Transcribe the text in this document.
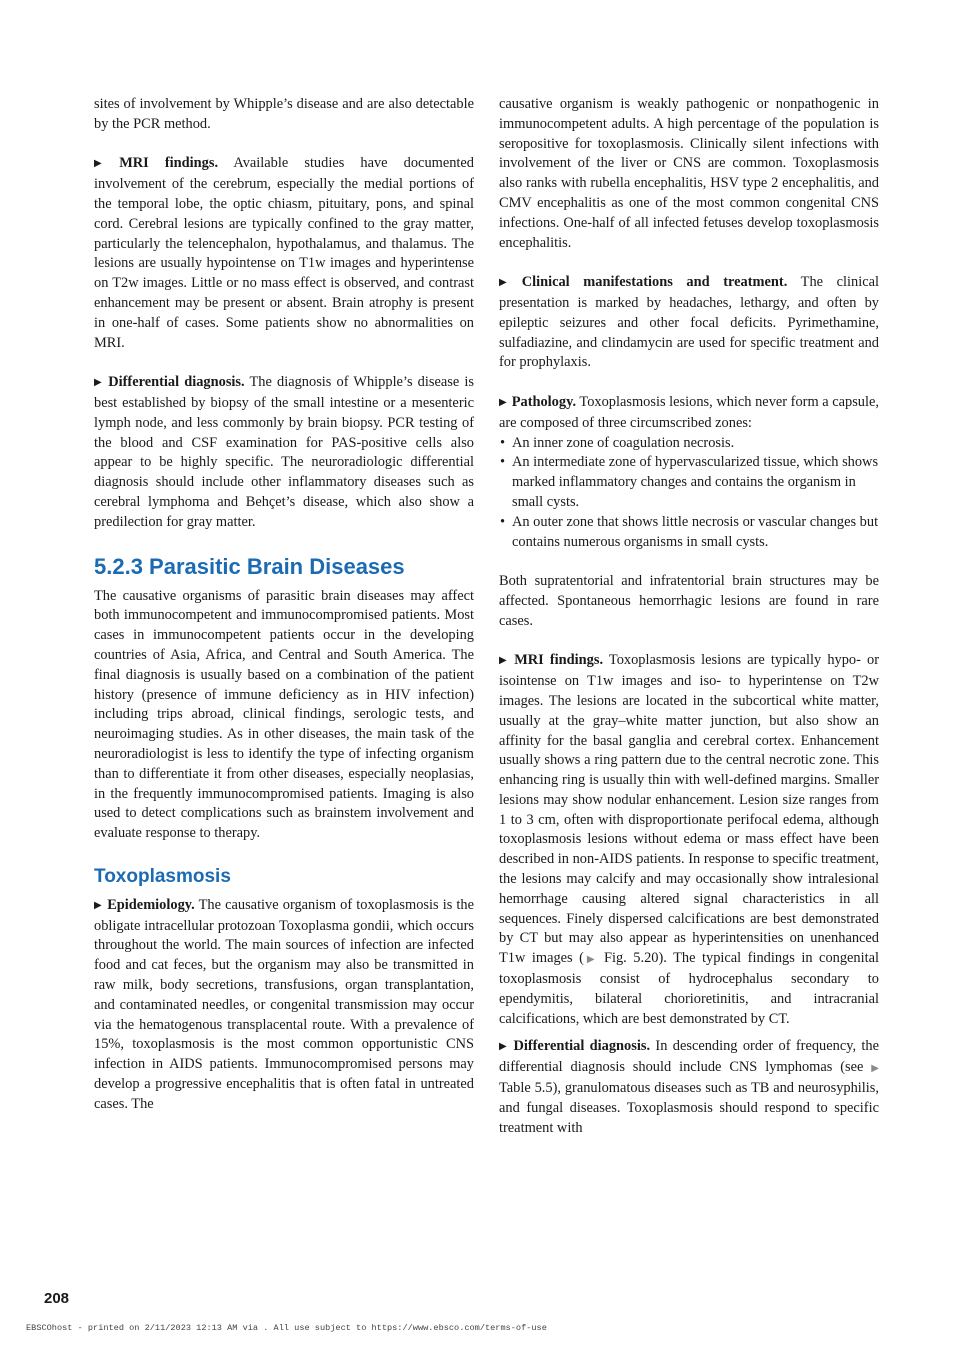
sites of involvement by Whipple’s disease and are also detectable by the PCR method.

▶ MRI findings. Available studies have documented involvement of the cerebrum, especially the medial portions of the temporal lobe, the optic chiasm, pituitary, pons, and spinal cord. Cerebral lesions are typically confined to the gray matter, particularly the telencephalon, hypothalamus, and thalamus. The lesions are usually hypointense on T1w images and hyperintense on T2w images. Little or no mass effect is observed, and contrast enhancement may be present or absent. Brain atrophy is present in one-half of cases. Some patients show no abnormalities on MRI.

▶ Differential diagnosis. The diagnosis of Whipple’s disease is best established by biopsy of the small intestine or a mesenteric lymph node, and less commonly by brain biopsy. PCR testing of the blood and CSF examination for PAS-positive cells also appear to be highly specific. The neuroradiologic differential diagnosis should include other inflammatory diseases such as cerebral lymphoma and Behçet’s disease, which also show a predilection for gray matter.

5.2.3 Parasitic Brain Diseases

The causative organisms of parasitic brain diseases may affect both immunocompetent and immunocompromised patients. Most cases in immunocompetent patients occur in the developing countries of Asia, Africa, and Central and South America. The final diagnosis is usually based on a combination of the patient history (presence of immune deficiency as in HIV infection) including trips abroad, clinical findings, serologic tests, and neuroimaging studies. As in other diseases, the main task of the neuroradiologist is less to identify the type of infecting organism than to differentiate it from other diseases, especially neoplasias, in the frequently immunocompromised patients. Imaging is also used to detect complications such as brainstem involvement and evaluate response to therapy.

Toxoplasmosis

▶ Epidemiology. The causative organism of toxoplasmosis is the obligate intracellular protozoan Toxoplasma gondii, which occurs throughout the world. The main sources of infection are infected food and cat feces, but the organism may also be transmitted in raw milk, body secretions, transfusions, organ transplantation, and contaminated needles, or congenital transmission may occur via the hematogenous transplacental route. With a prevalence of 15%, toxoplasmosis is the most common opportunistic CNS infection in AIDS patients. Immunocompromised persons may develop a progressive encephalitis that is often fatal in untreated cases. The

causative organism is weakly pathogenic or nonpathogenic in immunocompetent adults. A high percentage of the population is seropositive for toxoplasmosis. Clinically silent infections with involvement of the liver or CNS are common. Toxoplasmosis also ranks with rubella encephalitis, HSV type 2 encephalitis, and CMV encephalitis as one of the most common congenital CNS infections. One-half of all infected fetuses develop toxoplasmosis encephalitis.

▶ Clinical manifestations and treatment. The clinical presentation is marked by headaches, lethargy, and often by epileptic seizures and other focal deficits. Pyrimethamine, sulfadiazine, and clindamycin are used for specific treatment and for prophylaxis.

▶ Pathology. Toxoplasmosis lesions, which never form a capsule, are composed of three circumscribed zones:

• An inner zone of coagulation necrosis.
• An intermediate zone of hypervascularized tissue, which shows marked inflammatory changes and contains the organism in small cysts.
• An outer zone that shows little necrosis or vascular changes but contains numerous organisms in small cysts.

Both supratentorial and infratentorial brain structures may be affected. Spontaneous hemorrhagic lesions are found in rare cases.

▶ MRI findings. Toxoplasmosis lesions are typically hypo- or isointense on T1w images and iso- to hyperintense on T2w images. The lesions are located in the subcortical white matter, usually at the gray–white matter junction, but also show an affinity for the basal ganglia and cerebral cortex. Enhancement usually shows a ring pattern due to the central necrotic zone. This enhancing ring is usually thin with well-defined margins. Smaller lesions may show nodular enhancement. Lesion size ranges from 1 to 3 cm, often with disproportionate perifocal edema, although toxoplasmosis lesions without edema or mass effect have been described in non-AIDS patients. In response to specific treatment, the lesions may calcify and may occasionally show intralesional hemorrhage causing altered signal characteristics in all sequences. Finely dispersed calcifications are best demonstrated by CT but may also appear as hyperintensities on unenhanced T1w images (▶ Fig. 5.20). The typical findings in congenital toxoplasmosis consist of hydrocephalus secondary to ependymitis, bilateral chorioretinitis, and intracranial calcifications, which are best demonstrated by CT.

▶ Differential diagnosis. In descending order of frequency, the differential diagnosis should include CNS lymphomas (see ▶ Table 5.5), granulomatous diseases such as TB and neurosyphilis, and fungal diseases. Toxoplasmosis should respond to specific treatment with

208
EBSCOhost - printed on 2/11/2023 12:13 AM via . All use subject to https://www.ebsco.com/terms-of-use
